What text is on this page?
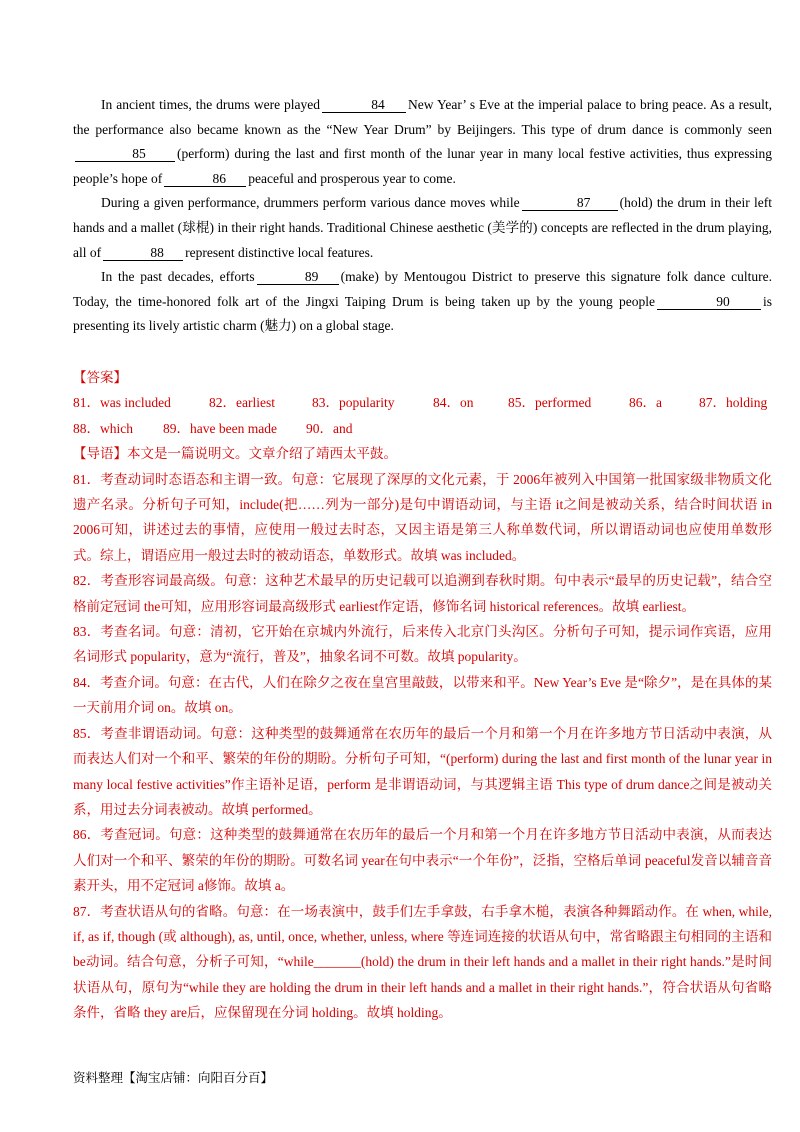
In ancient times, the drums were played	84 New Year’ s Eve at the imperial palace to bring peace. As a result, the performance also became known as the “New Year Drum” by Beijingers. This type of drum dance is commonly seen85 (perform) during the last and first month of the lunar year in many local festive activities, thus expressing people’s hope of	86 peaceful and prosperous year to come.

During a given performance, drummers perform various dance moves while	87 (hold) the drum in their left hands and a mallet (球棍) in their right hands. Traditional Chinese aesthetic (美学的) concepts are reflected in the drum playing, all of	88 represent distinctive local features.

In the past decades, efforts	89 (make) by Mentougou District to preserve this signature folk dance culture. Today, the time-honored folk art of the Jingxi Taiping Drum is being taken up by the young people	90 is presenting its lively artistic charm (魅力) on a global stage.

【答案】
81．was included	82．earliest	83．popularity	84．on	85．performed	86．a	87．holding
88．which 89．have been made 90．and

【导语】本文是一篇说明文。文章介绍了靖西太平鼓。

81．考查动词时态语态和主谓一致。句意：它展现了深厚的文化元素，于 2006年被列入中国第一批国家级非物质文化遗产名录。分析句子可知，include(把……列为一部分)是句中谓语动词，与主语 it之间是被动关系，结合时间状语 in 2006可知，讲述过去的事情，应使用一般过去时态，又因主语是第三人称单数代词，所以谓语动词也应使用单数形式。综上，谓语应用一般过去时的被动语态，单数形式。故填 was included。

82．考查形容词最高级。句意：这种艺术最早的历史记载可以追溯到春秋时期。句中表示“最早的历史记载”，结合空格前定冠词 the可知，应用形容词最高级形式 earliest作定语，修饰名词 historical references。故填 earliest。

83．考查名词。句意：清初，它开始在京城内外流行，后来传入北京门头沟区。分析句子可知，提示词作宾语，应用名词形式 popularity，意为“流行，普及”，抽象名词不可数。故填 popularity。

84．考查介词。句意：在古代，人们在除夕之夜在皇宫里敲鼓，以带来和平。New Year’s Eve 是“除夕”，是在具体的某一天前用介词 on。故填 on。

85．考查非谓语动词。句意：这种类型的鼓舞通常在农历年的最后一个月和第一个月在许多地方节日活动中表演，从而表达人们对一个和平、繁荣的年份的期盼。分析句子可知，“(perform) during the last and first month of the lunar year in many local festive activities”作主语补足语，perform 是非谓语动词，与其逻辑主语 This type of drum dance之间是被动关系，用过去分词表被动。故填 performed。

86．考查冠词。句意：这种类型的鼓舞通常在农历年的最后一个月和第一个月在许多地方节日活动中表演，从而表达人们对一个和平、繁荣的年份的期盼。可数名词 year在句中表示“一个年份”，泛指，空格后单词 peaceful发音以辅音音素开头，用不定冠词 a修饰。故填 a。

87．考查状语从句的省略。句意：在一场表演中，鼓手们左手拿鼓，右手拿木槌，表演各种舞蹈动作。在 when, while, if, as if, though (或 although), as, until, once, whether, unless, where 等连词连接的状语从句中，常省略跟主句相同的主语和 be动词。结合句意，分析子可知，“while_______(hold) the drum in their left hands and a mallet in their right hands.”是时间状语从句，原句为“while they are holding the drum in their left hands and a mallet in their right hands.”，符合状语从句省略条件，省略 they are后，应保留现在分词 holding。故填 holding。

资料整理【淘宝店铺：向阳百分百】
